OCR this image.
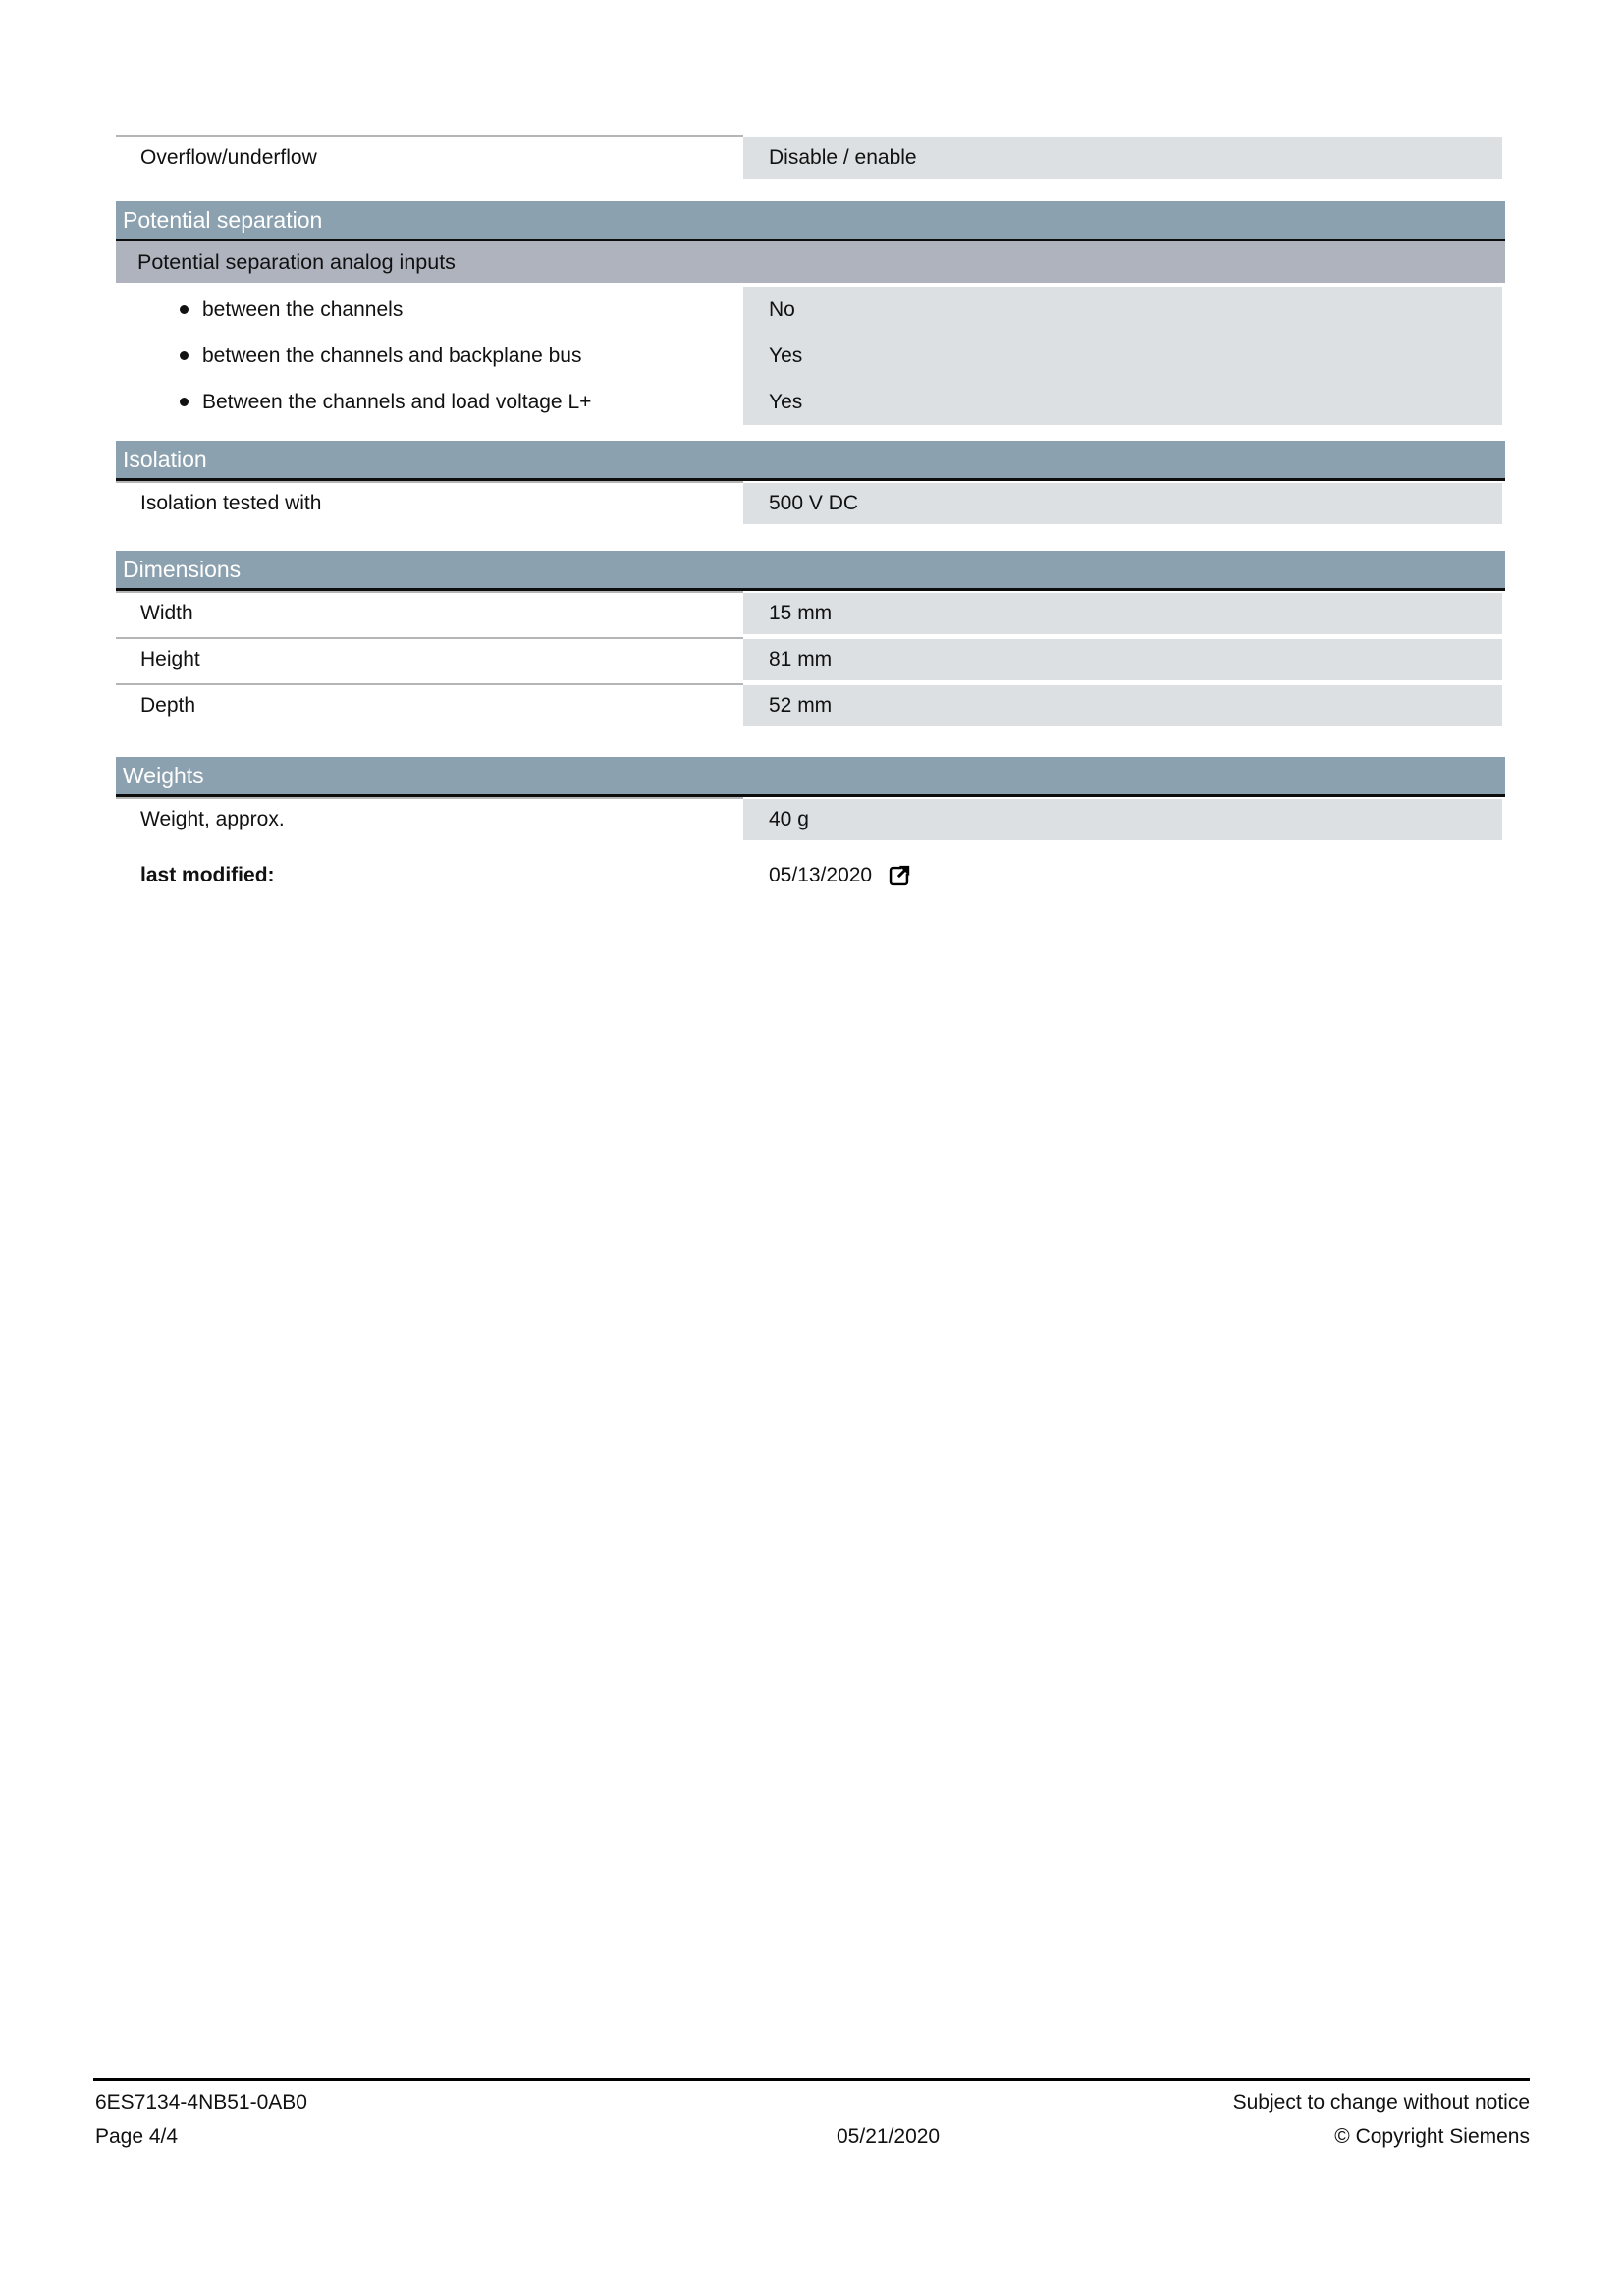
Overflow/underflow	Disable / enable
Potential separation
Potential separation analog inputs
between the channels	No
between the channels and backplane bus	Yes
Between the channels and load voltage L+	Yes
Isolation
Isolation tested with	500 V DC
Dimensions
Width	15 mm
Height	81 mm
Depth	52 mm
Weights
Weight, approx.	40 g
last modified:	05/13/2020
6ES7134-4NB51-0AB0
Page 4/4	05/21/2020
Subject to change without notice
© Copyright Siemens
